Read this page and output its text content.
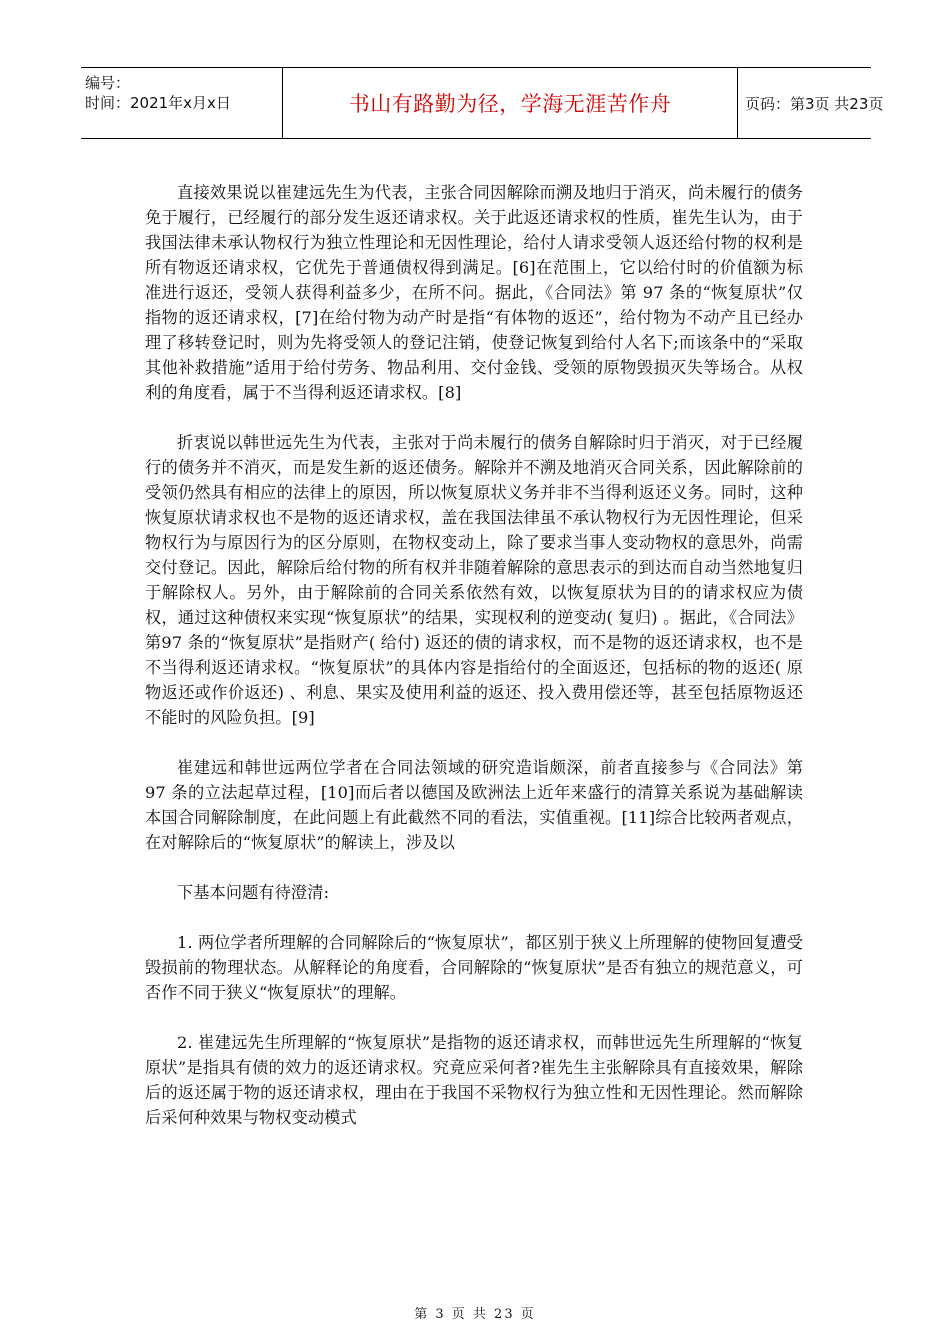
编号：
时间：2021年x月x日	书山有路勤为径，学海无涯苦作舟	页码：第3页 共23页

直接效果说以崔建远先生为代表，主张合同因解除而溯及地归于消灭，尚未履行的债务免于履行，已经履行的部分发生返还请求权。关于此返还请求权的性质，崔先生认为，由于我国法律未承认物权行为独立性理论和无因性理论，给付人请求受领人返还给付物的权利是所有物返还请求权，它优先于普通债权得到满足。[6]在范围上，它以给付时的价值额为标准进行返还，受领人获得利益多少，在所不问。据此，《合同法》第 97 条的“恢复原状”仅指物的返还请求权，[7]在给付物为动产时是指“有体物的返还”，给付物为不动产且已经办理了移转登记时，则为先将受领人的登记注销，使登记恢复到给付人名下;而该条中的“采取其他补救措施”适用于给付劳务、物品利用、交付金钱、受领的原物毁损灭失等场合。从权利的角度看，属于不当得利返还请求权。[8]

折衷说以韩世远先生为代表，主张对于尚未履行的债务自解除时归于消灭，对于已经履行的债务并不消灭，而是发生新的返还债务。解除并不溯及地消灭合同关系，因此解除前的受领仍然具有相应的法律上的原因，所以恢复原状义务并非不当得利返还义务。同时，这种恢复原状请求权也不是物的返还请求权，盖在我国法律虽不承认物权行为无因性理论，但采物权行为与原因行为的区分原则，在物权变动上，除了要求当事人变动物权的意思外，尚需交付登记。因此，解除后给付物的所有权并非随着解除的意思表示的到达而自动当然地复归于解除权人。另外，由于解除前的合同关系依然有效，以恢复原状为目的的请求权应为债权，通过这种债权来实现“恢复原状”的结果，实现权利的逆变动( 复归) 。据此，《合同法》第97 条的“恢复原状”是指财产( 给付) 返还的债的请求权，而不是物的返还请求权，也不是不当得利返还请求权。“恢复原状”的具体内容是指给付的全面返还，包括标的物的返还( 原物返还或作价返还) 、利息、果实及使用利益的返还、投入费用偿还等，甚至包括原物返还不能时的风险负担。[9]

崔建远和韩世远两位学者在合同法领域的研究造诣颇深，前者直接参与《合同法》第 97 条的立法起草过程，[10]而后者以德国及欧洲法上近年来盛行的清算关系说为基础解读本国合同解除制度，在此问题上有此截然不同的看法，实值重视。[11]综合比较两者观点，在对解除后的“恢复原状”的解读上，涉及以

下基本问题有待澄清:

1. 两位学者所理解的合同解除后的“恢复原状”，都区别于狭义上所理解的使物回复遭受毁损前的物理状态。从解释论的角度看，合同解除的“恢复原状”是否有独立的规范意义，可否作不同于狭义“恢复原状”的理解。

2. 崔建远先生所理解的“恢复原状”是指物的返还请求权，而韩世远先生所理解的“恢复原状”是指具有债的效力的返还请求权。究竟应采何者?崔先生主张解除具有直接效果，解除后的返还属于物的返还请求权，理由在于我国不采物权行为独立性和无因性理论。然而解除后采何种效果与物权变动模式

第 3 页 共 23 页
